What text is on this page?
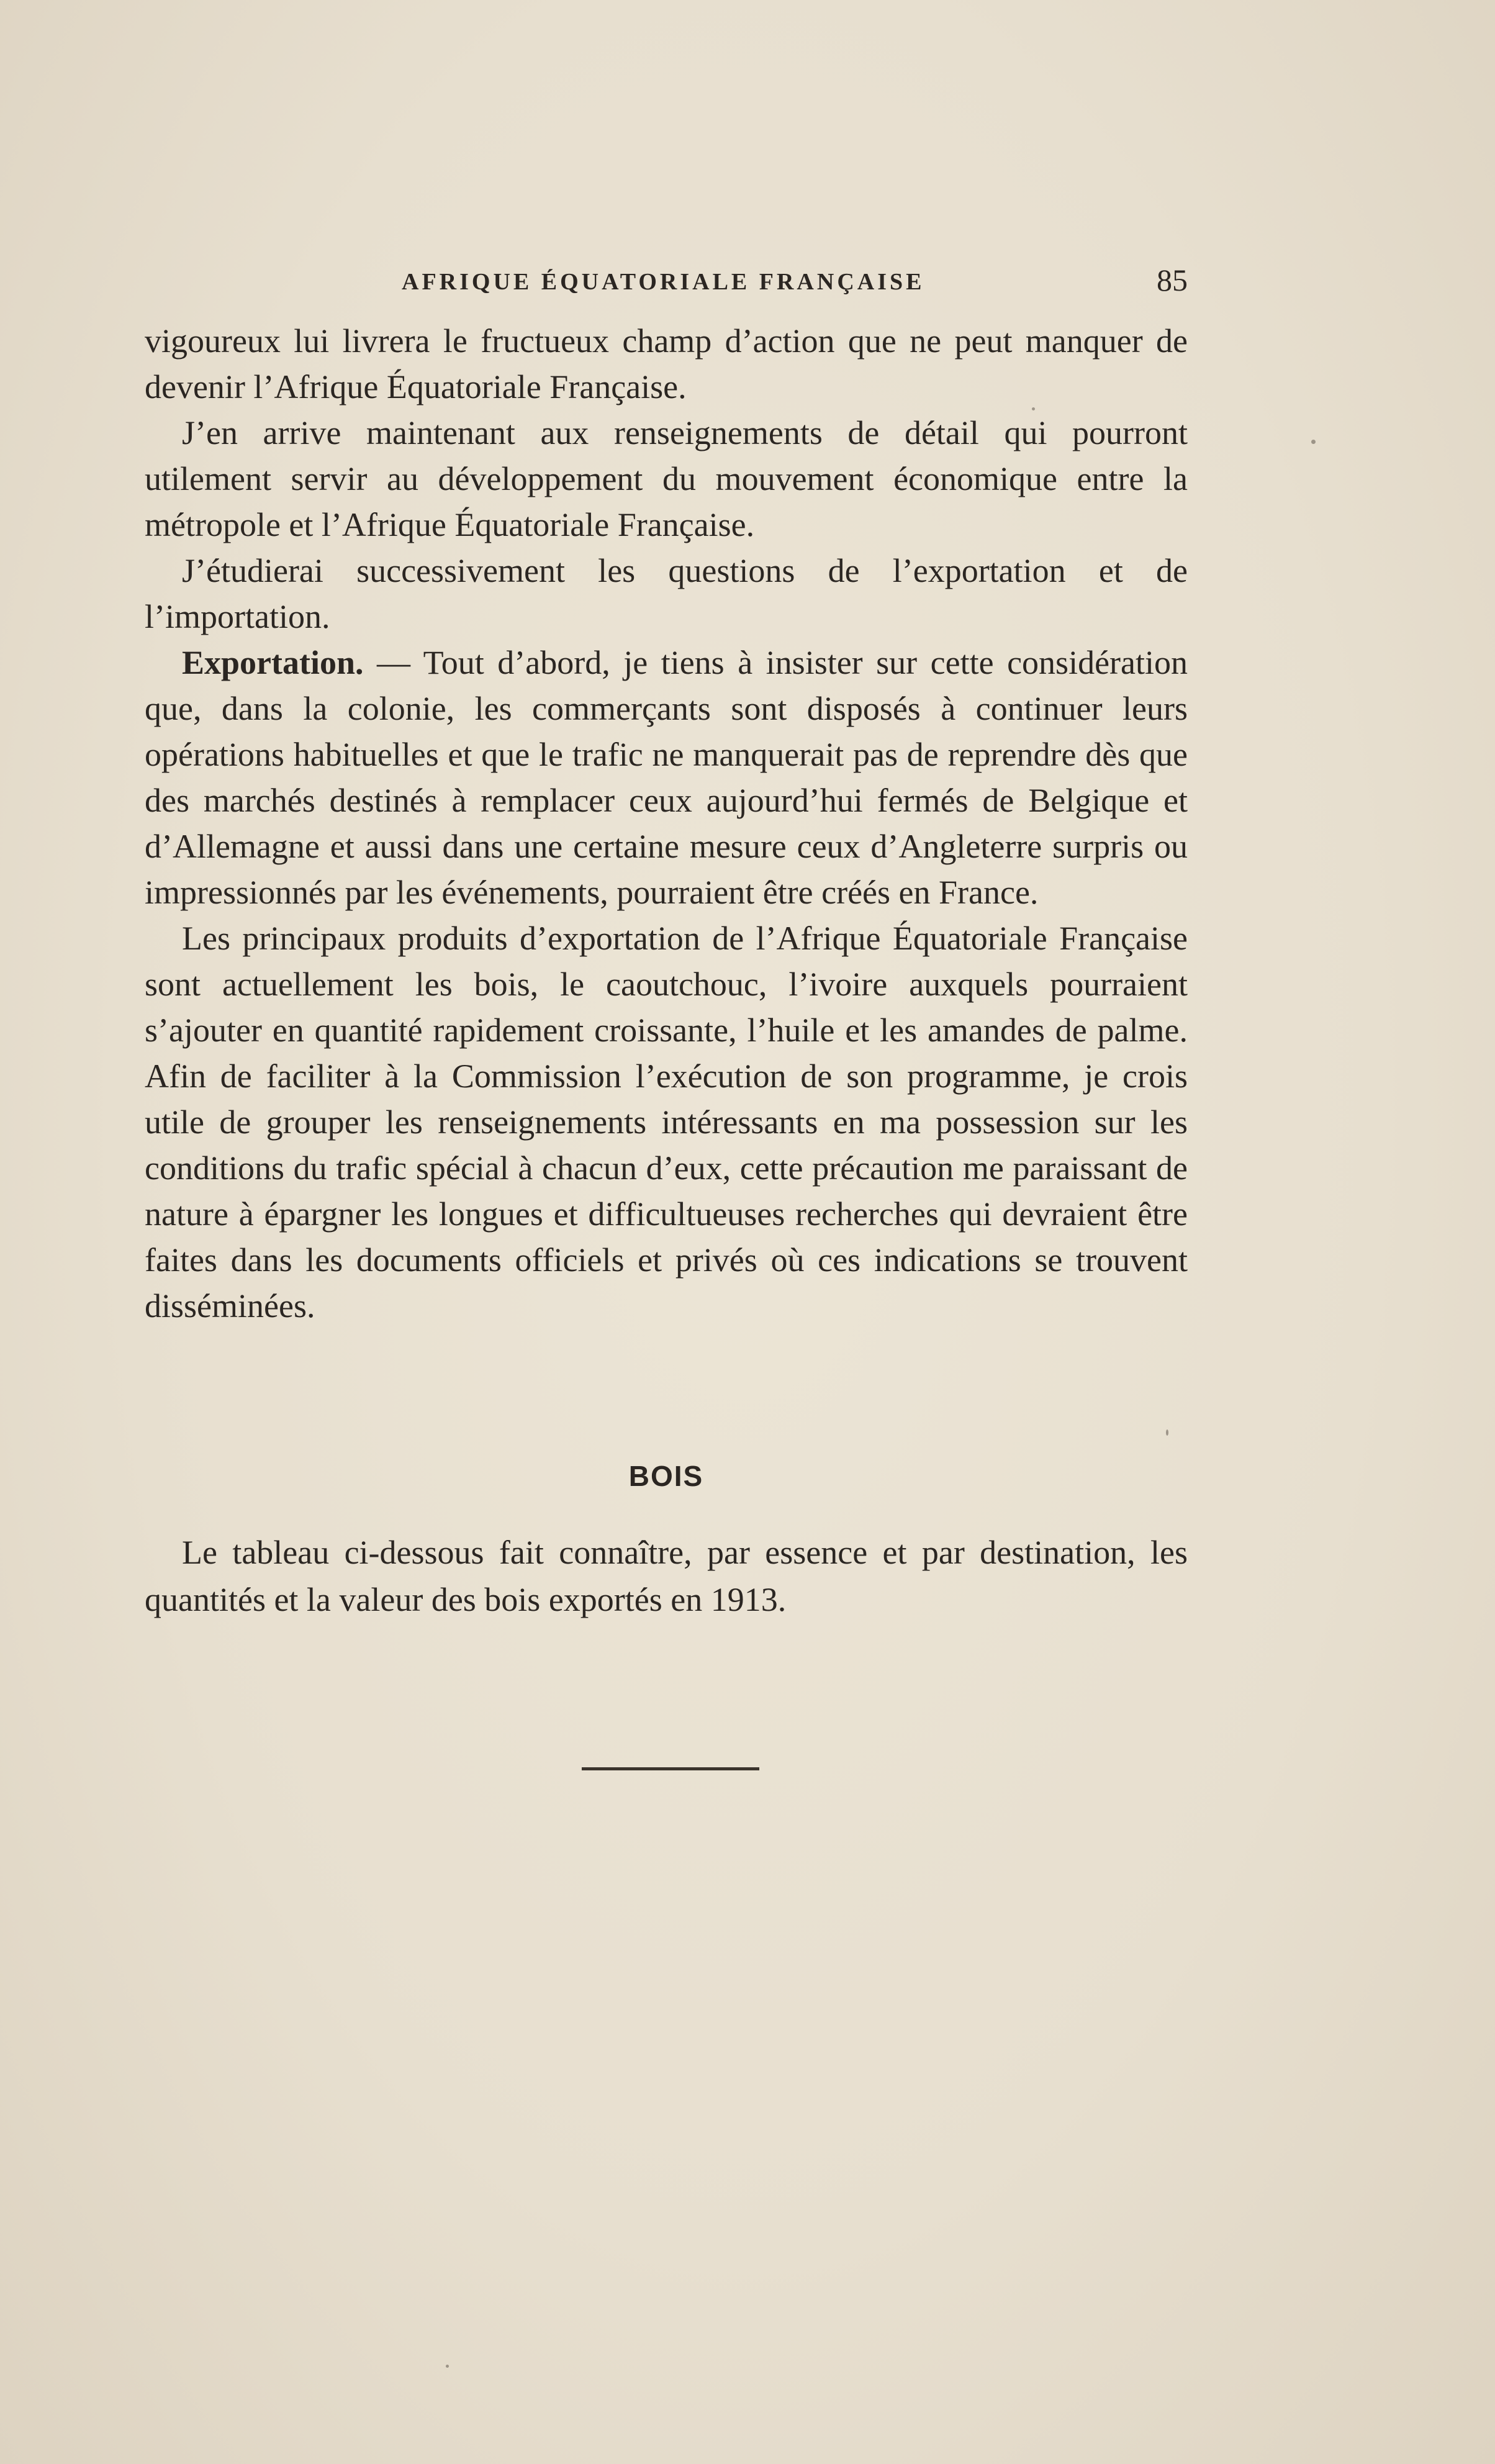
AFRIQUE ÉQUATORIALE FRANÇAISE	85

vigoureux lui livrera le fructueux champ d’action que ne peut manquer de devenir l’Afrique Équatoriale Française.

J’en arrive maintenant aux renseignements de détail qui pourront utilement servir au développement du mouvement économique entre la métropole et l’Afrique Équatoriale Française.

J’étudierai successivement les questions de l’exportation et de l’importation.

Exportation. — Tout d’abord, je tiens à insister sur cette considération que, dans la colonie, les commerçants sont disposés à continuer leurs opérations habituelles et que le trafic ne manquerait pas de reprendre dès que des marchés destinés à remplacer ceux aujourd’hui fermés de Belgique et d’Allemagne et aussi dans une certaine mesure ceux d’Angleterre surpris ou impressionnés par les événements, pourraient être créés en France.

Les principaux produits d’exportation de l’Afrique Équatoriale Française sont actuellement les bois, le caoutchouc, l’ivoire auxquels pourraient s’ajouter en quantité rapidement croissante, l’huile et les amandes de palme. Afin de faciliter à la Commission l’exécution de son programme, je crois utile de grouper les renseignements intéressants en ma possession sur les conditions du trafic spécial à chacun d’eux, cette précaution me paraissant de nature à épargner les longues et difficultueuses recherches qui devraient être faites dans les documents officiels et privés où ces indications se trouvent disséminées.

BOIS

Le tableau ci-dessous fait connaître, par essence et par destination, les quantités et la valeur des bois exportés en 1913.
